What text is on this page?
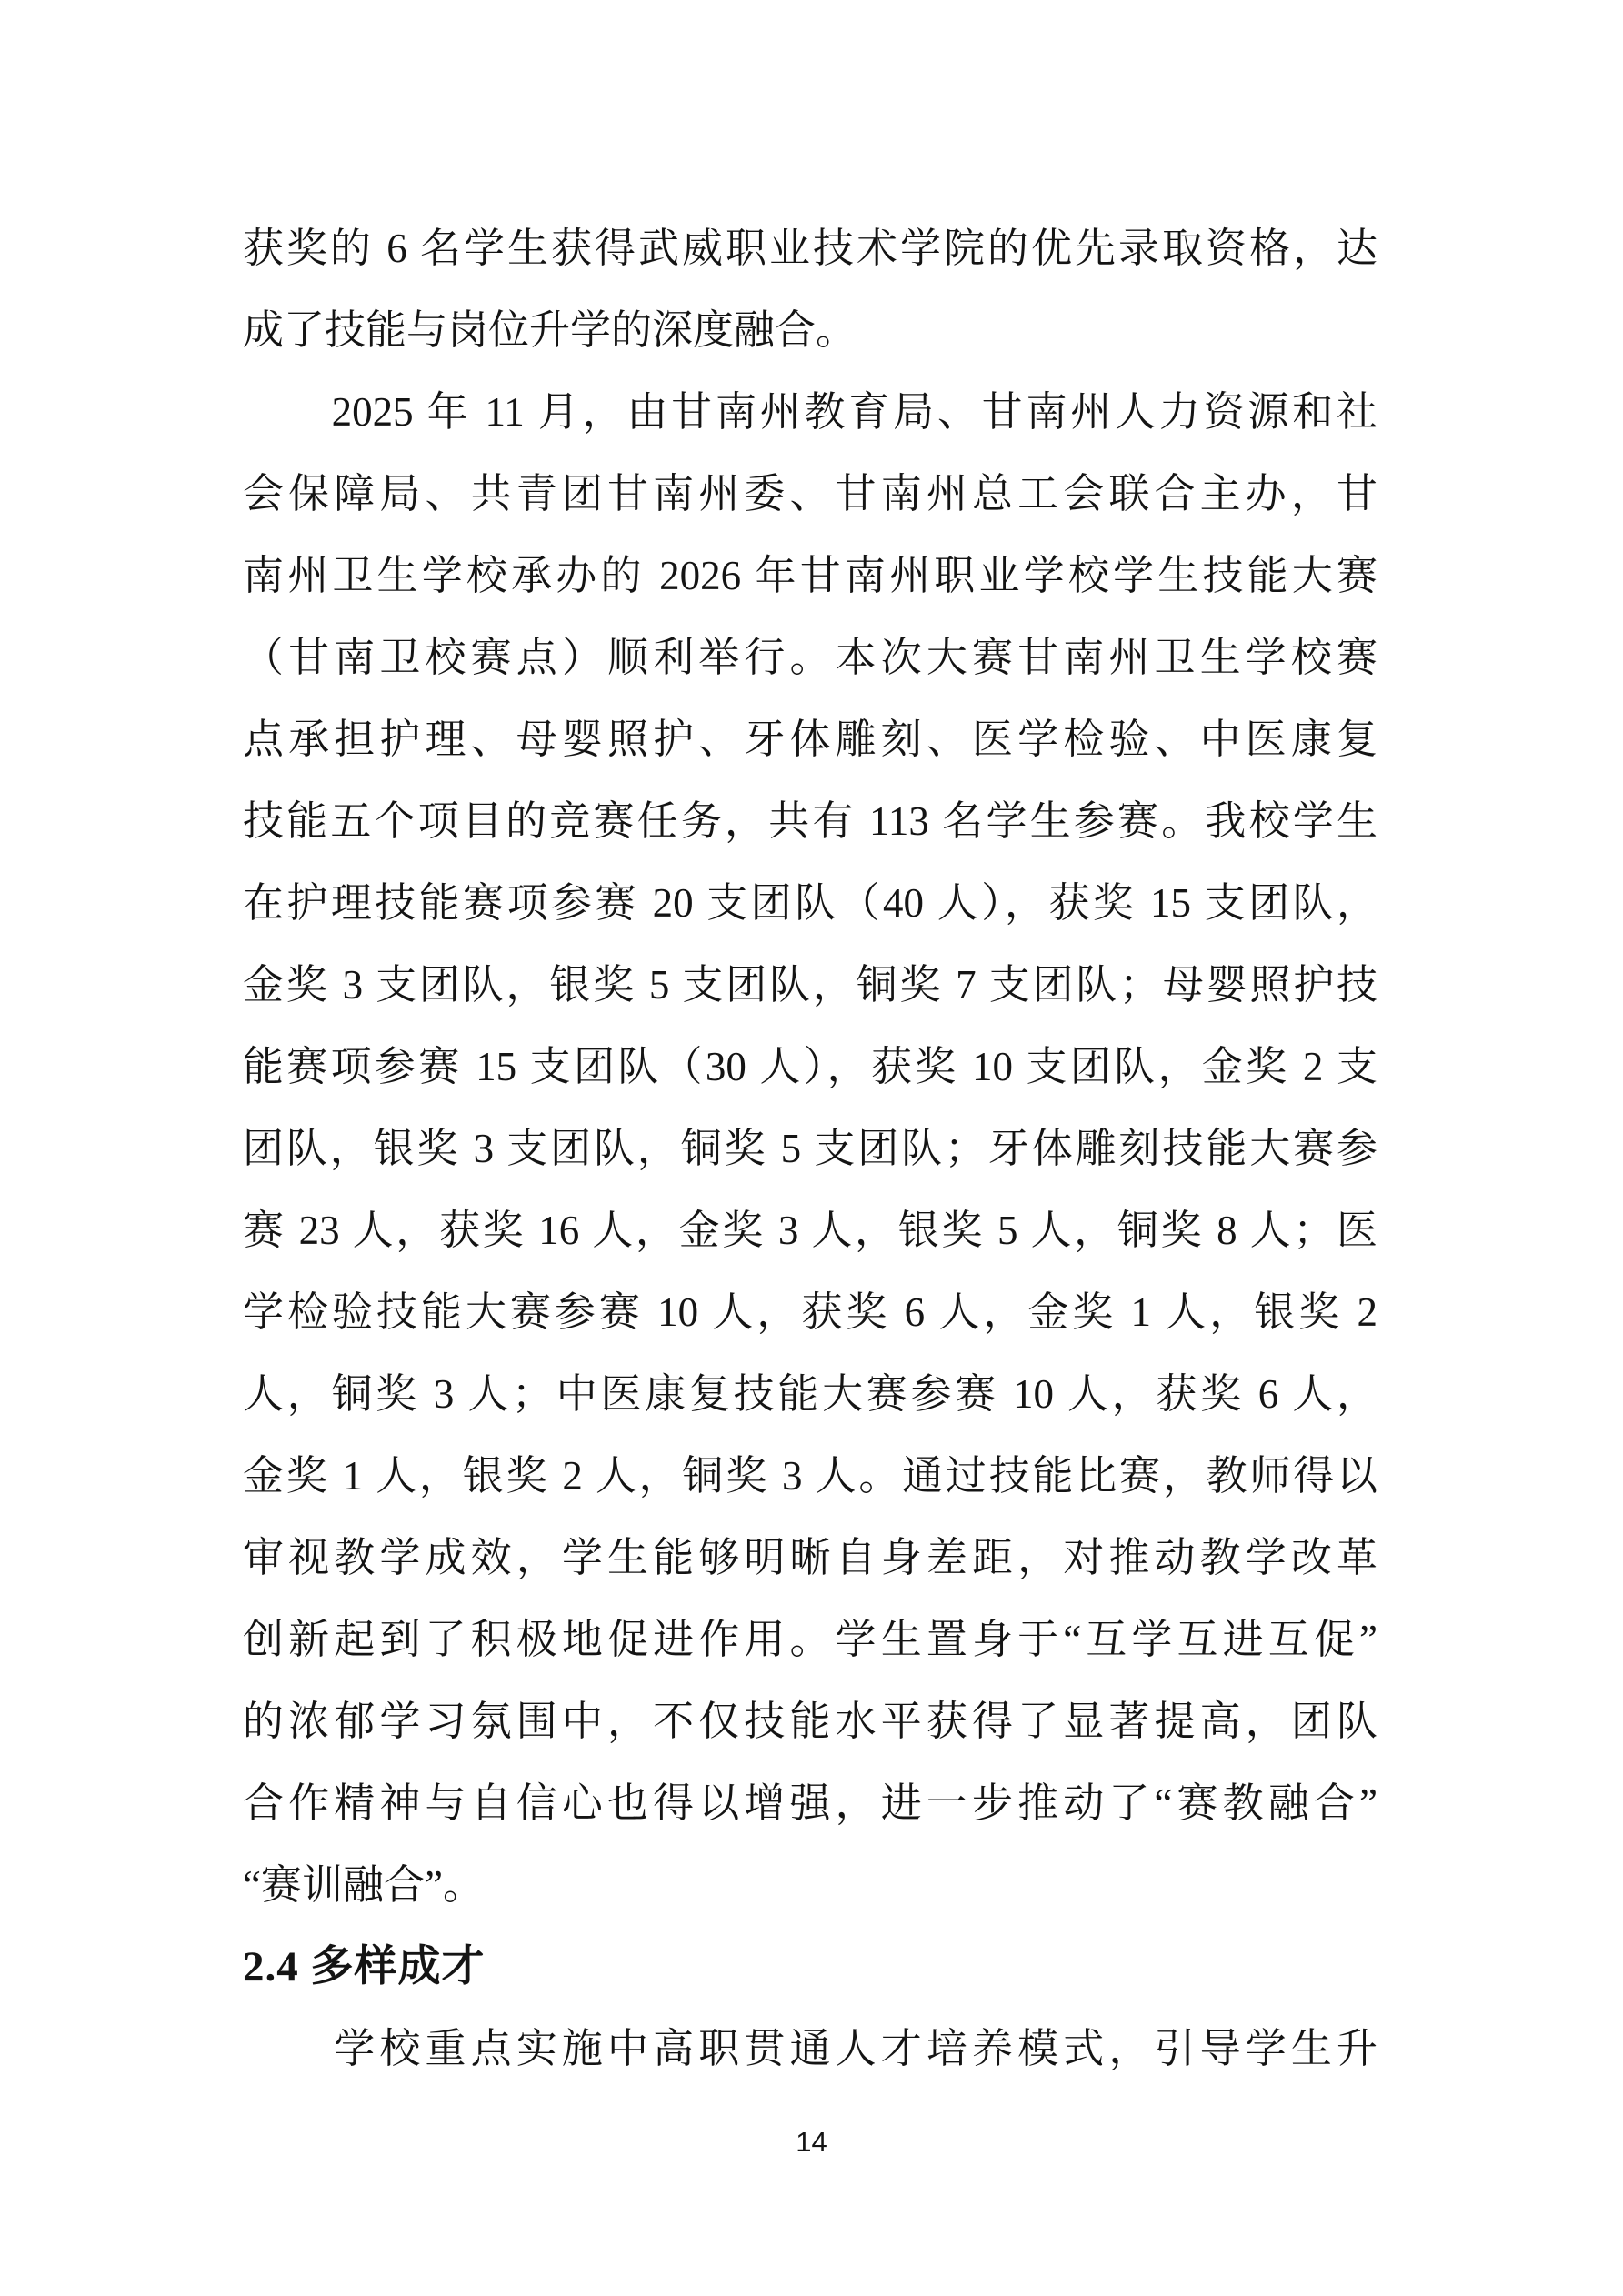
获奖的 6 名学生获得武威职业技术学院的优先录取资格，达
成了技能与岗位升学的深度融合。
　　2025 年 11 月，由甘南州教育局、甘南州人力资源和社
会保障局、共青团甘南州委、甘南州总工会联合主办，甘
南州卫生学校承办的 2026 年甘南州职业学校学生技能大赛
（甘南卫校赛点）顺利举行。本次大赛甘南州卫生学校赛
点承担护理、母婴照护、牙体雕刻、医学检验、中医康复
技能五个项目的竞赛任务，共有 113 名学生参赛。我校学生
在护理技能赛项参赛 20 支团队（40 人），获奖 15 支团队，
金奖 3 支团队，银奖 5 支团队，铜奖 7 支团队；母婴照护技
能赛项参赛 15 支团队（30 人），获奖 10 支团队，金奖 2 支
团队，银奖 3 支团队，铜奖 5 支团队；牙体雕刻技能大赛参
赛 23 人，获奖 16 人，金奖 3 人，银奖 5 人，铜奖 8 人；医
学检验技能大赛参赛 10 人，获奖 6 人，金奖 1 人，银奖 2
人，铜奖 3 人；中医康复技能大赛参赛 10 人，获奖 6 人，
金奖 1 人，银奖 2 人，铜奖 3 人。通过技能比赛，教师得以
审视教学成效，学生能够明晰自身差距，对推动教学改革
创新起到了积极地促进作用。学生置身于“互学互进互促”
的浓郁学习氛围中，不仅技能水平获得了显著提高，团队
合作精神与自信心也得以增强，进一步推动了“赛教融合”
“赛训融合”。
2.4 多样成才
　　学校重点实施中高职贯通人才培养模式，引导学生升
14
